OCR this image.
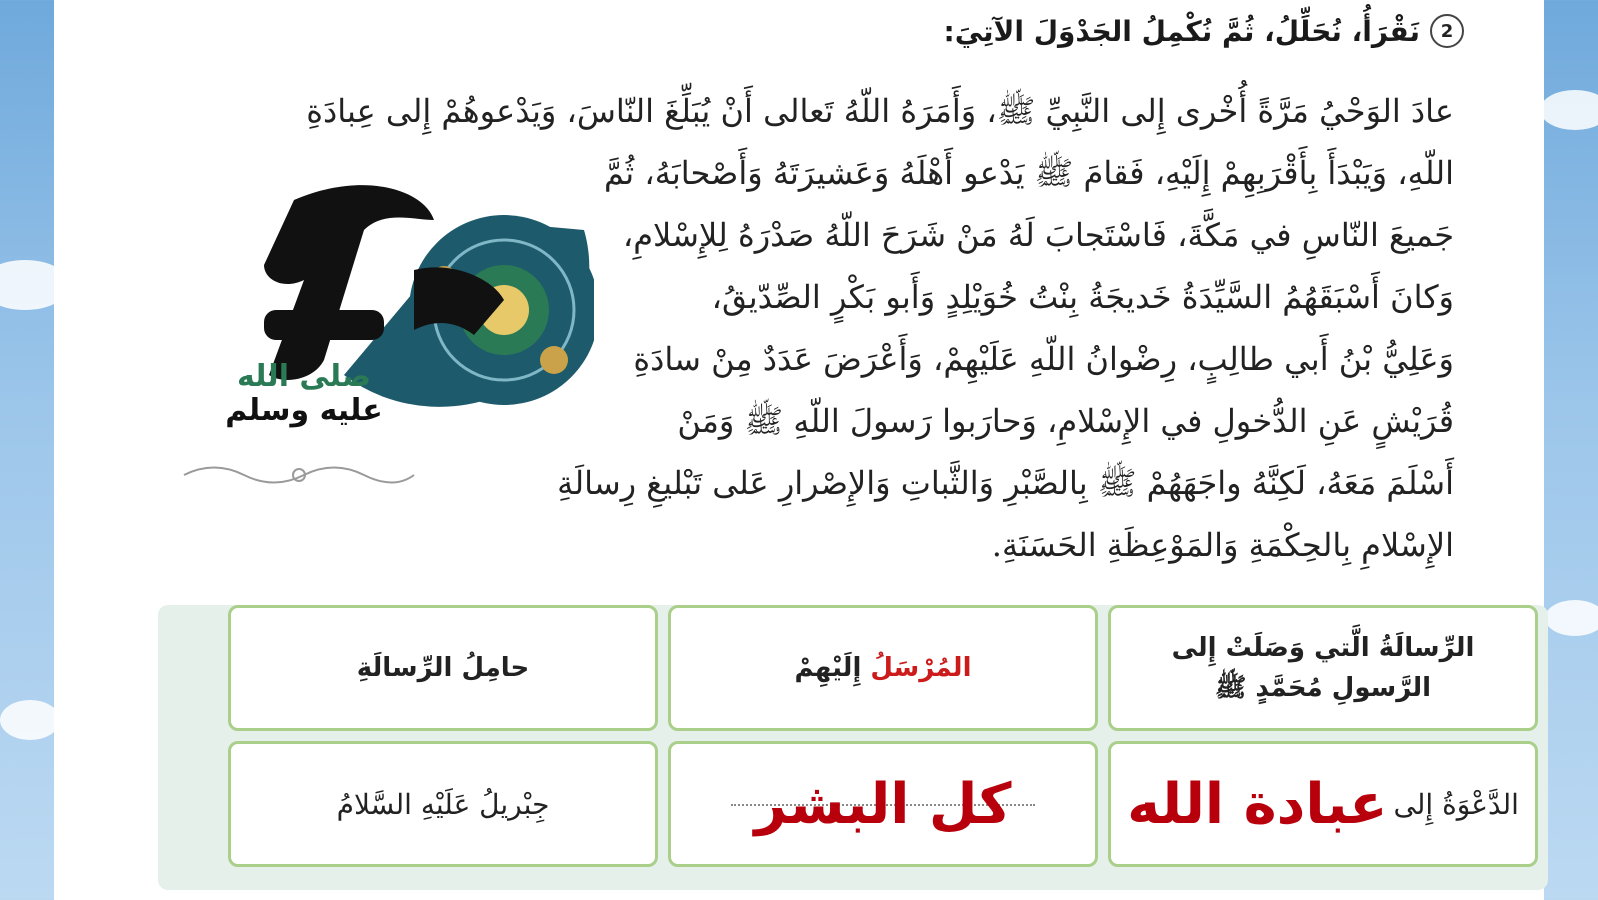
2
نَقْرَأُ، نُحَلِّلُ، ثُمَّ نُكْمِلُ الجَدْوَلَ الآتِيَ:

عادَ الوَحْيُ مَرَّةً أُخْرى إِلى النَّبِيِّ ﷺ، وَأَمَرَهُ اللّهُ تَعالى أَنْ يُبَلِّغَ النّاسَ، وَيَدْعوهُمْ إِلى عِبادَةِ

اللّهِ، وَيَبْدَأَ بِأَقْرَبِهِمْ إِلَيْهِ، فَقامَ ﷺ يَدْعو أَهْلَهُ وَعَشيرَتَهُ وَأَصْحابَهُ، ثُمَّ

جَميعَ النّاسِ في مَكَّةَ، فَاسْتَجابَ لَهُ مَنْ شَرَحَ اللّهُ صَدْرَهُ لِلإِسْلامِ،

وَكانَ أَسْبَقَهُمُ السَّيِّدَةُ خَديجَةُ بِنْتُ خُوَيْلِدٍ وَأَبو بَكْرٍ الصِّدّيقُ،

وَعَلِيُّ بْنُ أَبي طالِبٍ، رِضْوانُ اللّهِ عَلَيْهِمْ، وَأَعْرَضَ عَدَدٌ مِنْ سادَةِ

قُرَيْشٍ عَنِ الدُّخولِ في الإِسْلامِ، وَحارَبوا رَسولَ اللّهِ ﷺ وَمَنْ

أَسْلَمَ مَعَهُ، لَكِنَّهُ واجَهَهُمْ ﷺ بِالصَّبْرِ وَالثَّباتِ وَالإِصْرارِ عَلى تَبْليغِ رِسالَةِ

الإِسْلامِ بِالحِكْمَةِ وَالمَوْعِظَةِ الحَسَنَةِ.

صلى الله
عليه وسلم
الرِّسالَةُ الَّتي وَصَلَتْ إِلى
الرَّسولِ مُحَمَّدٍ ﷺ
المُرْسَلُ إِلَيْهِمْ
حامِلُ الرِّسالَةِ
الدَّعْوَةُ إِلى
عبادة الله
كل البشر
جِبْريلُ عَلَيْهِ السَّلامُ
